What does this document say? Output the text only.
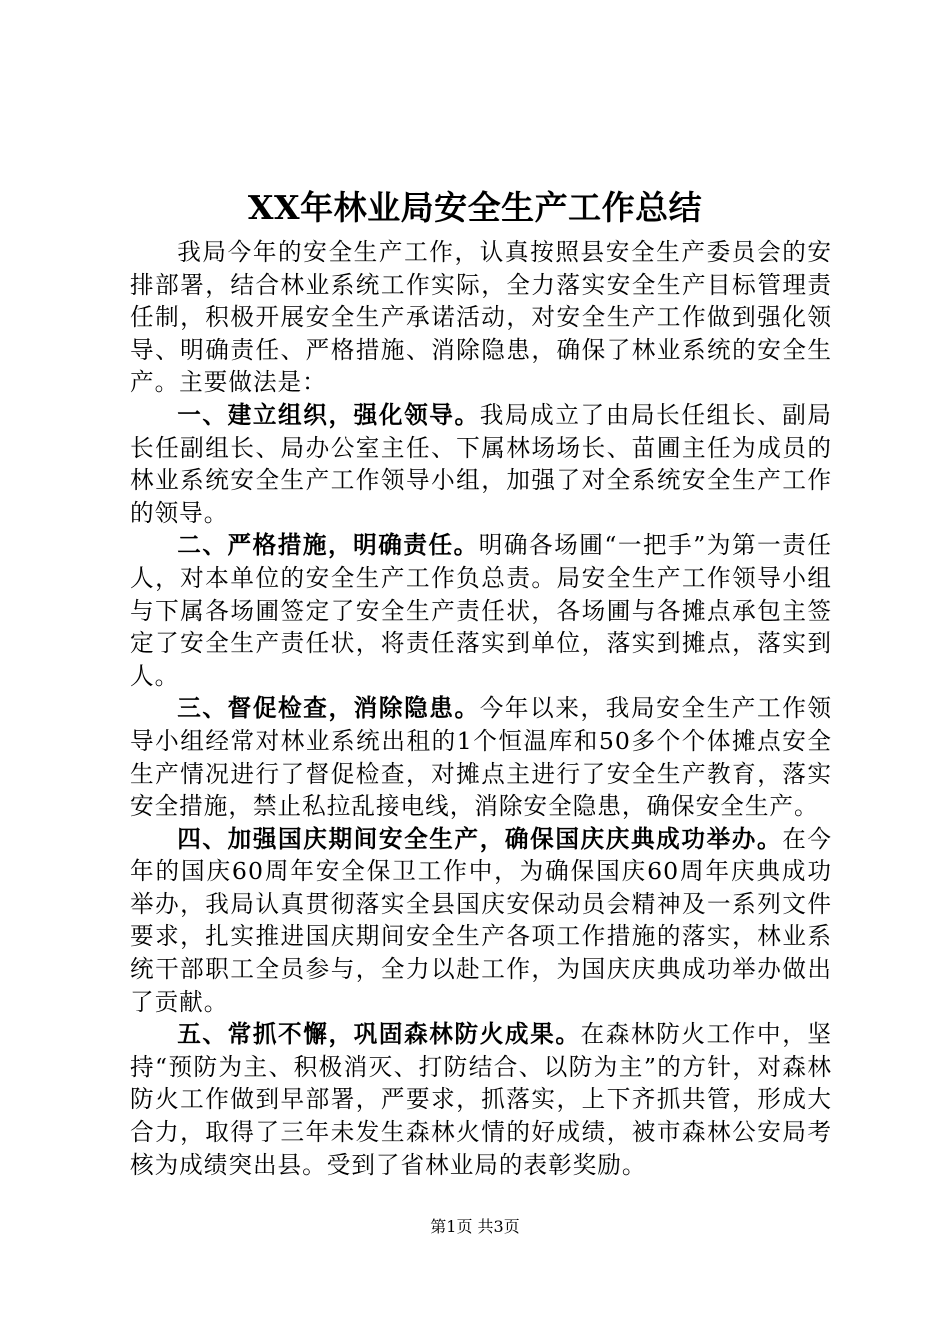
XX年林业局安全生产工作总结

我局今年的安全生产工作，认真按照县安全生产委员会的安排部署，结合林业系统工作实际，全力落实安全生产目标管理责任制，积极开展安全生产承诺活动，对安全生产工作做到强化领导、明确责任、严格措施、消除隐患，确保了林业系统的安全生产。主要做法是：

一、建立组织，强化领导。我局成立了由局长任组长、副局长任副组长、局办公室主任、下属林场场长、苗圃主任为成员的林业系统安全生产工作领导小组，加强了对全系统安全生产工作的领导。

二、严格措施，明确责任。明确各场圃“一把手”为第一责任人，对本单位的安全生产工作负总责。局安全生产工作领导小组与下属各场圃签定了安全生产责任状，各场圃与各摊点承包主签定了安全生产责任状，将责任落实到单位，落实到摊点，落实到人。

三、督促检查，消除隐患。今年以来，我局安全生产工作领导小组经常对林业系统出租的1个恒温库和50多个个体摊点安全生产情况进行了督促检查，对摊点主进行了安全生产教育，落实安全措施，禁止私拉乱接电线，消除安全隐患，确保安全生产。

四、加强国庆期间安全生产，确保国庆庆典成功举办。在今年的国庆60周年安全保卫工作中，为确保国庆60周年庆典成功举办，我局认真贯彻落实全县国庆安保动员会精神及一系列文件要求，扎实推进国庆期间安全生产各项工作措施的落实，林业系统干部职工全员参与，全力以赴工作，为国庆庆典成功举办做出了贡献。

五、常抓不懈，巩固森林防火成果。在森林防火工作中，坚持“预防为主、积极消灭、打防结合、以防为主”的方针，对森林防火工作做到早部署，严要求，抓落实，上下齐抓共管，形成大合力，取得了三年未发生森林火情的好成绩，被市森林公安局考核为成绩突出县。受到了省林业局的表彰奖励。

第1页 共3页
